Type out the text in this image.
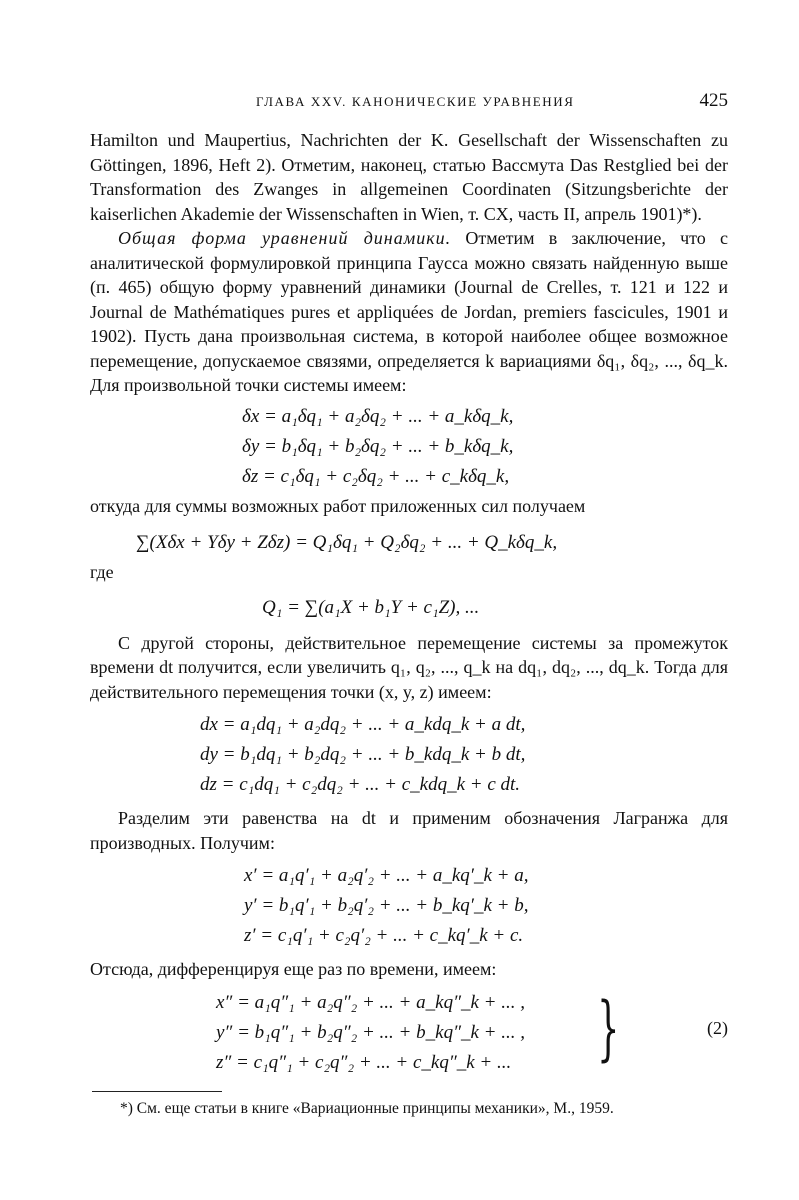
ГЛАВА XXV. КАНОНИЧЕСКИЕ УРАВНЕНИЯ	425

Hamilton und Maupertius, Nachrichten der K. Gesellschaft der Wissenschaften zu Göttingen, 1896, Heft 2). Отметим, наконец, статью Вассмута Das Restglied bei der Transformation des Zwanges in allgemeinen Coordinaten (Sitzungsberichte der kaiserlichen Akademie der Wissenschaften in Wien, т. CX, часть II, апрель 1901)*).

Общая форма уравнений динамики. Отметим в заключение, что с аналитической формулировкой принципа Гаусса можно связать найденную выше (п. 465) общую форму уравнений динамики (Journal de Crelles, т. 121 и 122 и Journal de Mathématiques pures et appliquées de Jordan, premiers fascicules, 1901 и 1902). Пусть дана произвольная система, в которой наиболее общее возможное перемещение, допускаемое связями, определяется k вариациями δq₁, δq₂, ..., δq_k. Для произвольной точки системы имеем:

δx = a₁δq₁ + a₂δq₂ + ... + a_kδq_k,
δy = b₁δq₁ + b₂δq₂ + ... + b_kδq_k,
δz = c₁δq₁ + c₂δq₂ + ... + c_kδq_k,

откуда для суммы возможных работ приложенных сил получаем

∑(Xδx + Yδy + Zδz) = Q₁δq₁ + Q₂δq₂ + ... + Q_kδq_k,

где

Q₁ = ∑(a₁X + b₁Y + c₁Z), ...

С другой стороны, действительное перемещение системы за промежуток времени dt получится, если увеличить q₁, q₂, ..., q_k на dq₁, dq₂, ..., dq_k. Тогда для действительного перемещения точки (x, y, z) имеем:

dx = a₁dq₁ + a₂dq₂ + ... + a_kdq_k + a dt,
dy = b₁dq₁ + b₂dq₂ + ... + b_kdq_k + b dt,
dz = c₁dq₁ + c₂dq₂ + ... + c_kdq_k + c dt.

Разделим эти равенства на dt и применим обозначения Лагранжа для производных. Получим:

x′ = a₁q′₁ + a₂q′₂ + ... + a_kq′_k + a,
y′ = b₁q′₁ + b₂q′₂ + ... + b_kq′_k + b,
z′ = c₁q′₁ + c₂q′₂ + ... + c_kq′_k + c.

Отсюда, дифференцируя еще раз по времени, имеем:

x″ = a₁q″₁ + a₂q″₂ + ... + a_kq″_k + ... ,
y″ = b₁q″₁ + b₂q″₂ + ... + b_kq″_k + ... ,
z″ = c₁q″₁ + c₂q″₂ + ... + c_kq″_k + ... }	(2)
*) См. еще статьи в книге «Вариационные принципы механики», М., 1959.
